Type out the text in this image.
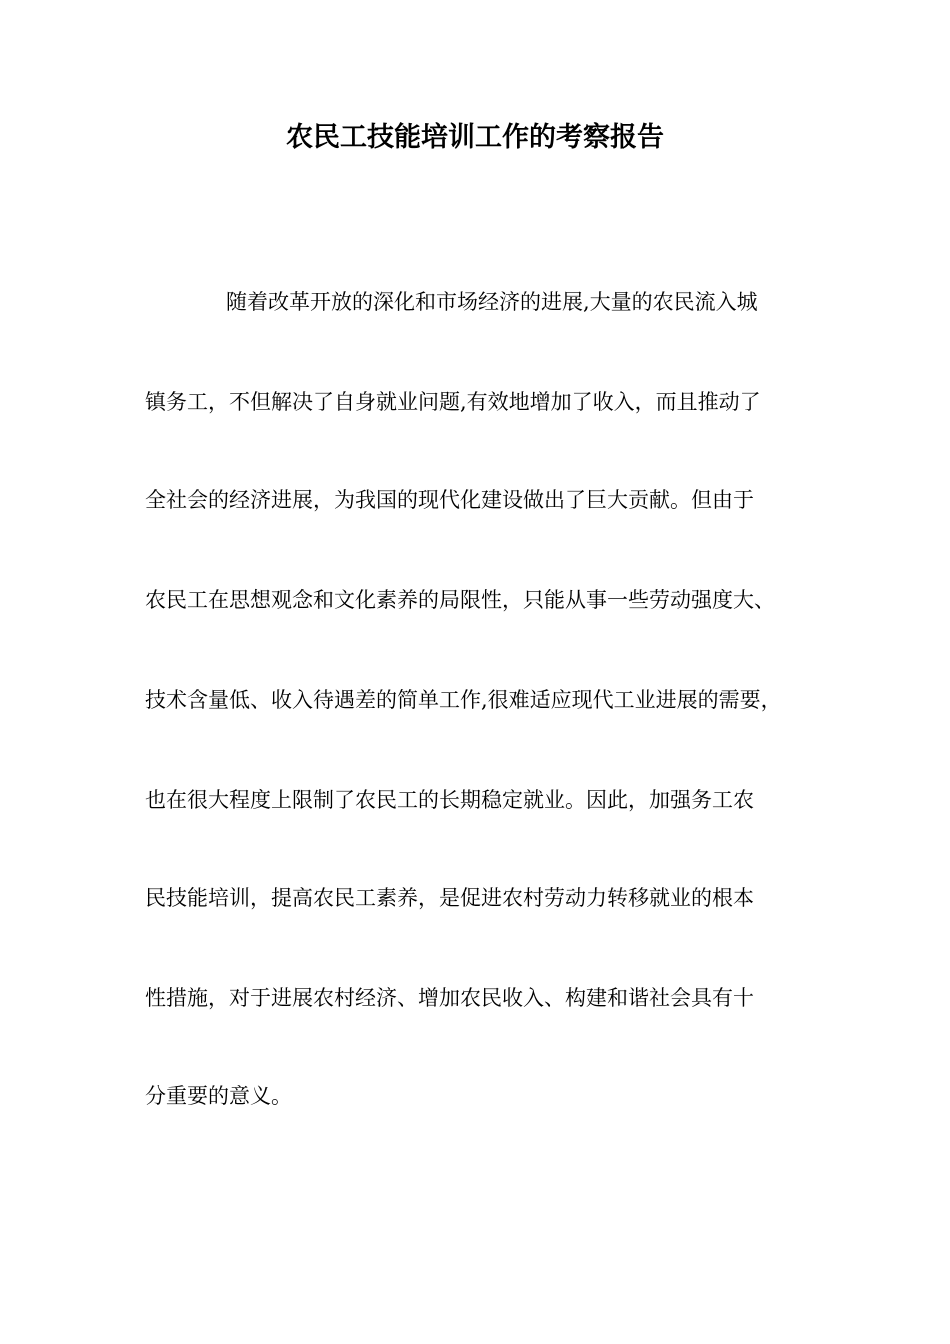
农民工技能培训工作的考察报告
随着改革开放的深化和市场经济的进展,大量的农民流入城
镇务工，不但解决了自身就业问题,有效地增加了收入，而且推动了
全社会的经济进展，为我国的现代化建设做出了巨大贡献。但由于
农民工在思想观念和文化素养的局限性，只能从事一些劳动强度大、
技术含量低、收入待遇差的简单工作,很难适应现代工业进展的需要，
也在很大程度上限制了农民工的长期稳定就业。因此，加强务工农
民技能培训，提高农民工素养，是促进农村劳动力转移就业的根本
性措施，对于进展农村经济、增加农民收入、构建和谐社会具有十
分重要的意义。
